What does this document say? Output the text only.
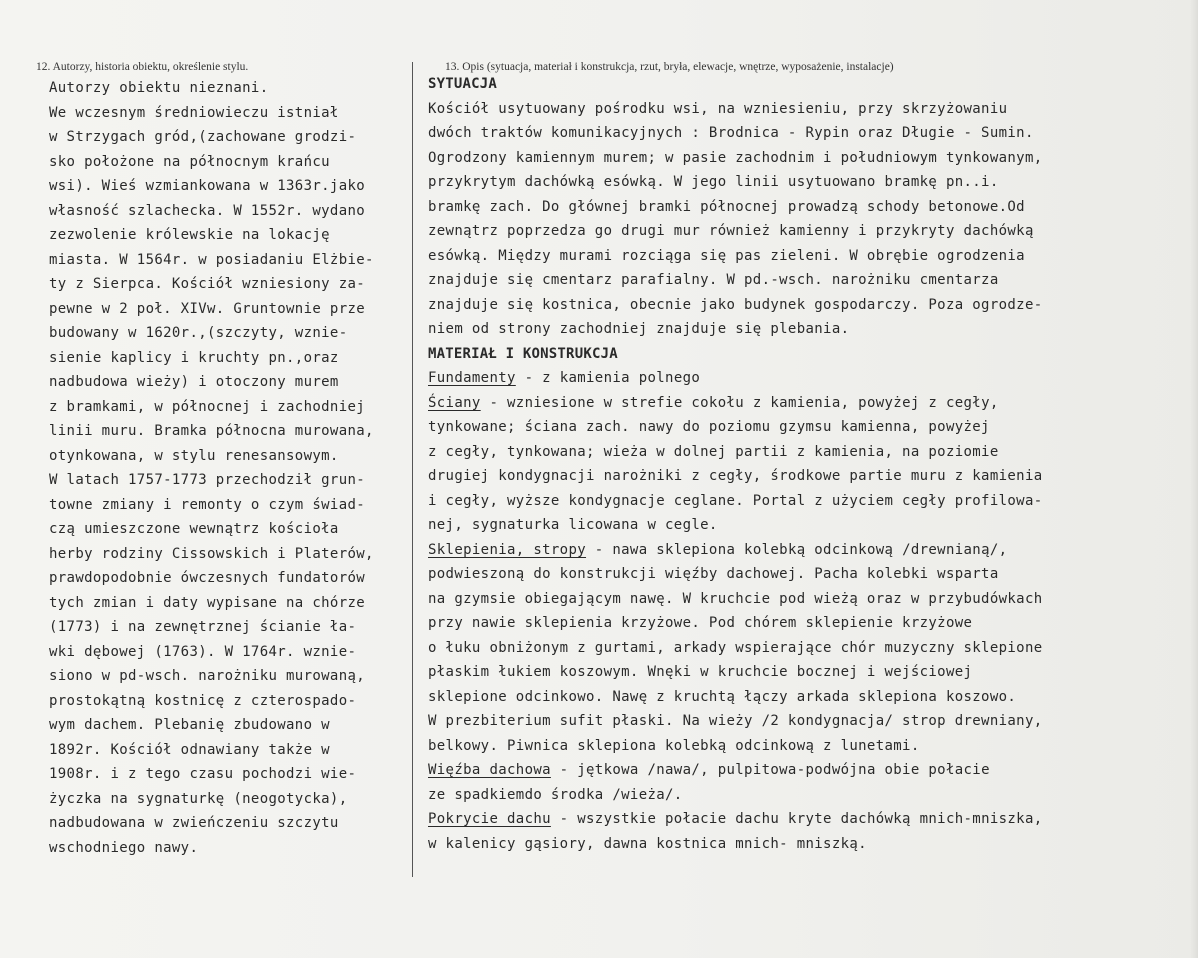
12. Autorzy, historia obiektu, określenie stylu.	13. Opis (sytuacja, materiał i konstrukcja, rzut, bryła, elewacje, wnętrze, wyposażenie, instalacje)
Autorzy obiektu nieznani.
We wczesnym średniowieczu istniał
w Strzygach gród,(zachowane grodzi-
sko położone na północnym krańcu
wsi). Wieś wzmiankowana w 1363r.jako
własność szlachecka. W 1552r. wydano
zezwolenie królewskie na lokację
miasta. W 1564r. w posiadaniu Elżbie-
ty z Sierpca. Kościół wzniesiony za-
pewne w 2 poł. XIVw. Gruntownie prze
budowany w 1620r.,(szczyty, wznie-
sienie kaplicy i kruchty pn.,oraz
nadbudowa wieży) i otoczony murem
z bramkami, w północnej i zachodniej
linii muru. Bramka północna murowana,
otynkowana, w stylu renesansowym.
W latach 1757-1773 przechodził grun-
towne zmiany i remonty o czym świad-
czą umieszczone wewnątrz kościoła
herby rodziny Cissowskich i Platerów,
prawdopodobnie ówczesnych fundatorów
tych zmian i daty wypisane na chórze
(1773) i na zewnętrznej ścianie ła-
wki dębowej (1763). W 1764r. wznie-
siono w pd-wsch. narożniku murowaną,
prostokątną kostnicę z czterospado-
wym dachem. Plebanię zbudowano w
1892r. Kościół odnawiany także w
1908r. i z tego czasu pochodzi wie-
życzka na sygnaturkę (neogotycka),
nadbudowana w zwieńczeniu szczytu
wschodniego nawy.
SYTUACJA
Kościół usytuowany pośrodku wsi, na wzniesieniu, przy skrzyżowaniu
dwóch traktów komunikacyjnych : Brodnica - Rypin oraz Długie - Sumin.
Ogrodzony kamiennym murem; w pasie zachodnim i południowym tynkowanym,
przykrytym dachówką esówką. W jego linii usytuowano bramkę pn..i.
bramkę zach. Do głównej bramki północnej prowadzą schody betonowe.Od
zewnątrz poprzedza go drugi mur również kamienny i przykryty dachówką
esówką. Między murami rozciąga się pas zieleni. W obrębie ogrodzenia
znajduje się cmentarz parafialny. W pd.-wsch. narożniku cmentarza
znajduje się kostnica, obecnie jako budynek gospodarczy. Poza ogrodze-
niem od strony zachodniej znajduje się plebania.
MATERIAŁ I KONSTRUKCJA
Fundamenty - z kamienia polnego
Ściany - wzniesione w strefie cokołu z kamienia, powyżej z cegły,
tynkowane; ściana zach. nawy do poziomu gzymsu kamienna, powyżej
z cegły, tynkowana; wieża w dolnej partii z kamienia, na poziomie
drugiej kondygnacji narożniki z cegły, środkowe partie muru z kamienia
i cegły, wyższe kondygnacje ceglane. Portal z użyciem cegły profilowa-
nej, sygnaturka licowana w cegle.
Sklepienia, stropy - nawa sklepiona kolebką odcinkową /drewnianą/,
podwieszoną do konstrukcji więźby dachowej. Pacha kolebki wsparta
na gzymsie obiegającym nawę. W kruchcie pod wieżą oraz w przybudówkach
przy nawie sklepienia krzyżowe. Pod chórem sklepienie krzyżowe
o łuku obniżonym z gurtami, arkady wspierające chór muzyczny sklepione
płaskim łukiem koszowym. Wnęki w kruchcie bocznej i wejściowej
sklepione odcinkowo. Nawę z kruchtą łączy arkada sklepiona koszowo.
W prezbiterium sufit płaski. Na wieży /2 kondygnacja/ strop drewniany,
belkowy. Piwnica sklepiona kolebką odcinkową z lunetami.
Więźba dachowa - jętkowa /nawa/, pulpitowa-podwójna obie połacie
ze spadkiemdo środka /wieża/.
Pokrycie dachu - wszystkie połacie dachu kryte dachówką mnich-mniszka,
w kalenicy gąsiory, dawna kostnica mnich- mniszką.
